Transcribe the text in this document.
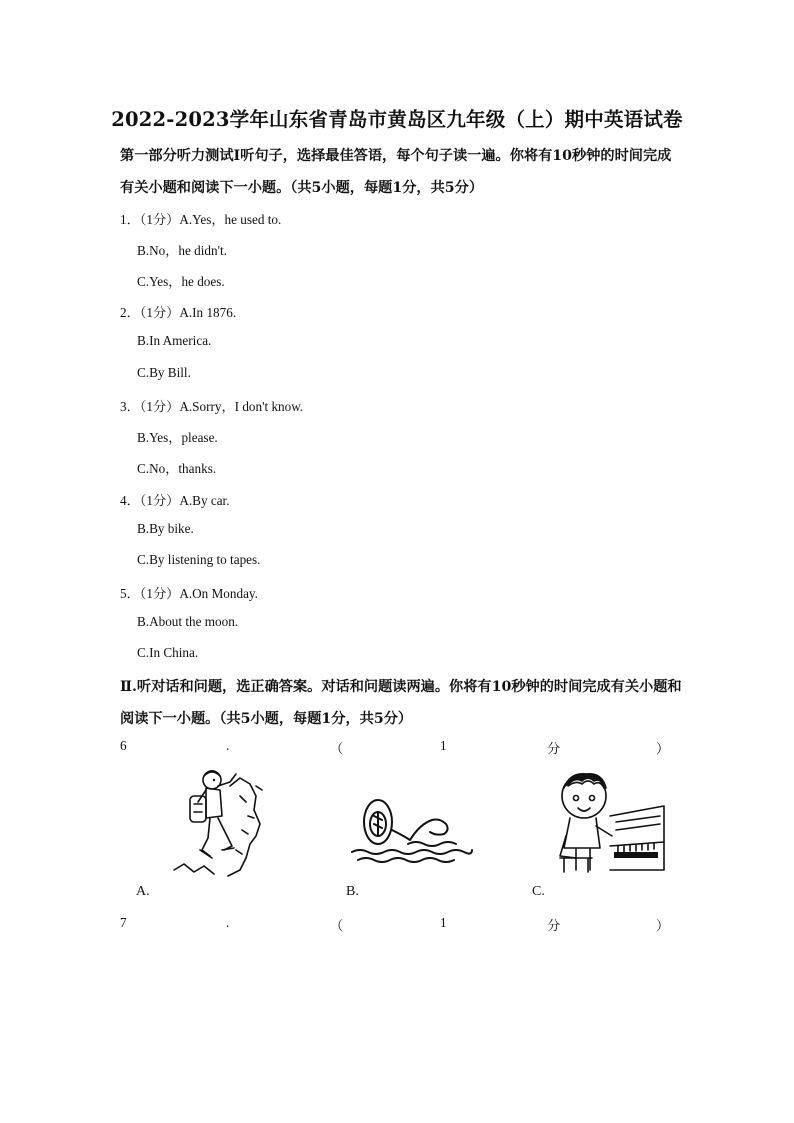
2022-2023学年山东省青岛市黄岛区九年级（上）期中英语试卷
第一部分听力测试Ⅰ听句子，选择最佳答语，每个句子读一遍。你将有10秒钟的时间完成
有关小题和阅读下一小题。（共5小题，每题1分，共5分）
1．（1分）A.Yes，he used to.
B.No，he didn't.
C.Yes，he does.
2．（1分）A.In 1876.
B.In America.
C.By Bill.
3．（1分）A.Sorry，I don't know.
B.Yes，please.
C.No，thanks.
4．（1分）A.By car.
B.By bike.
C.By listening to tapes.
5．（1分）A.On Monday.
B.About the moon.
C.In China.
Ⅱ.听对话和问题，选正确答案。对话和问题读两遍。你将有10秒钟的时间完成有关小题和
阅读下一小题。（共5小题，每题1分，共5分）
6	.	（	1	分	）
A.	B.	C.
7	.	（	1	分	）
